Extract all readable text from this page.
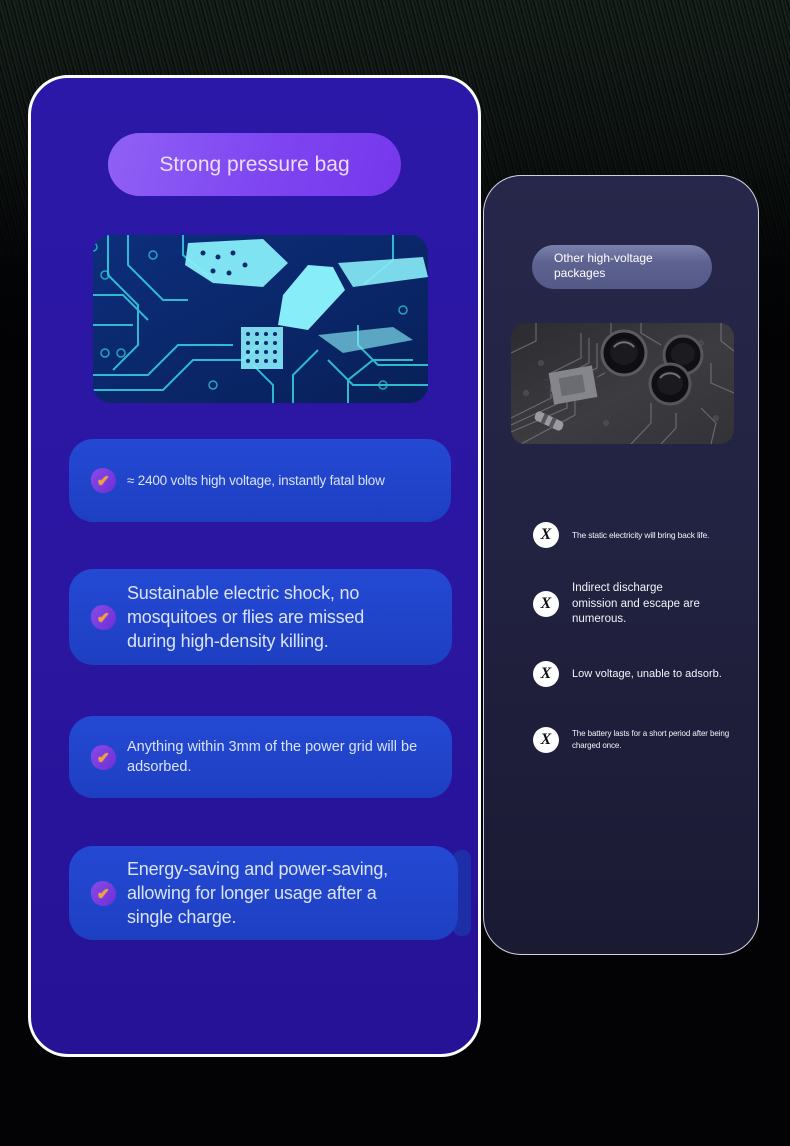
Other high-voltage packages

X The static electricity will bring back life.

X

Indirect discharge omission and escape are numerous.

X Low voltage, unable to adsorb.

X	The battery lasts for a short period after being charged once.

Strong pressure bag

✔ ≈ 2400 volts high voltage, instantly fatal blow

✔

Sustainable electric shock, no mosquitoes or flies are missed during high-density killing.

✔

Anything within 3mm of the power grid will be adsorbed.

✔

Energy-saving and power-saving, allowing for longer usage after a single charge.
